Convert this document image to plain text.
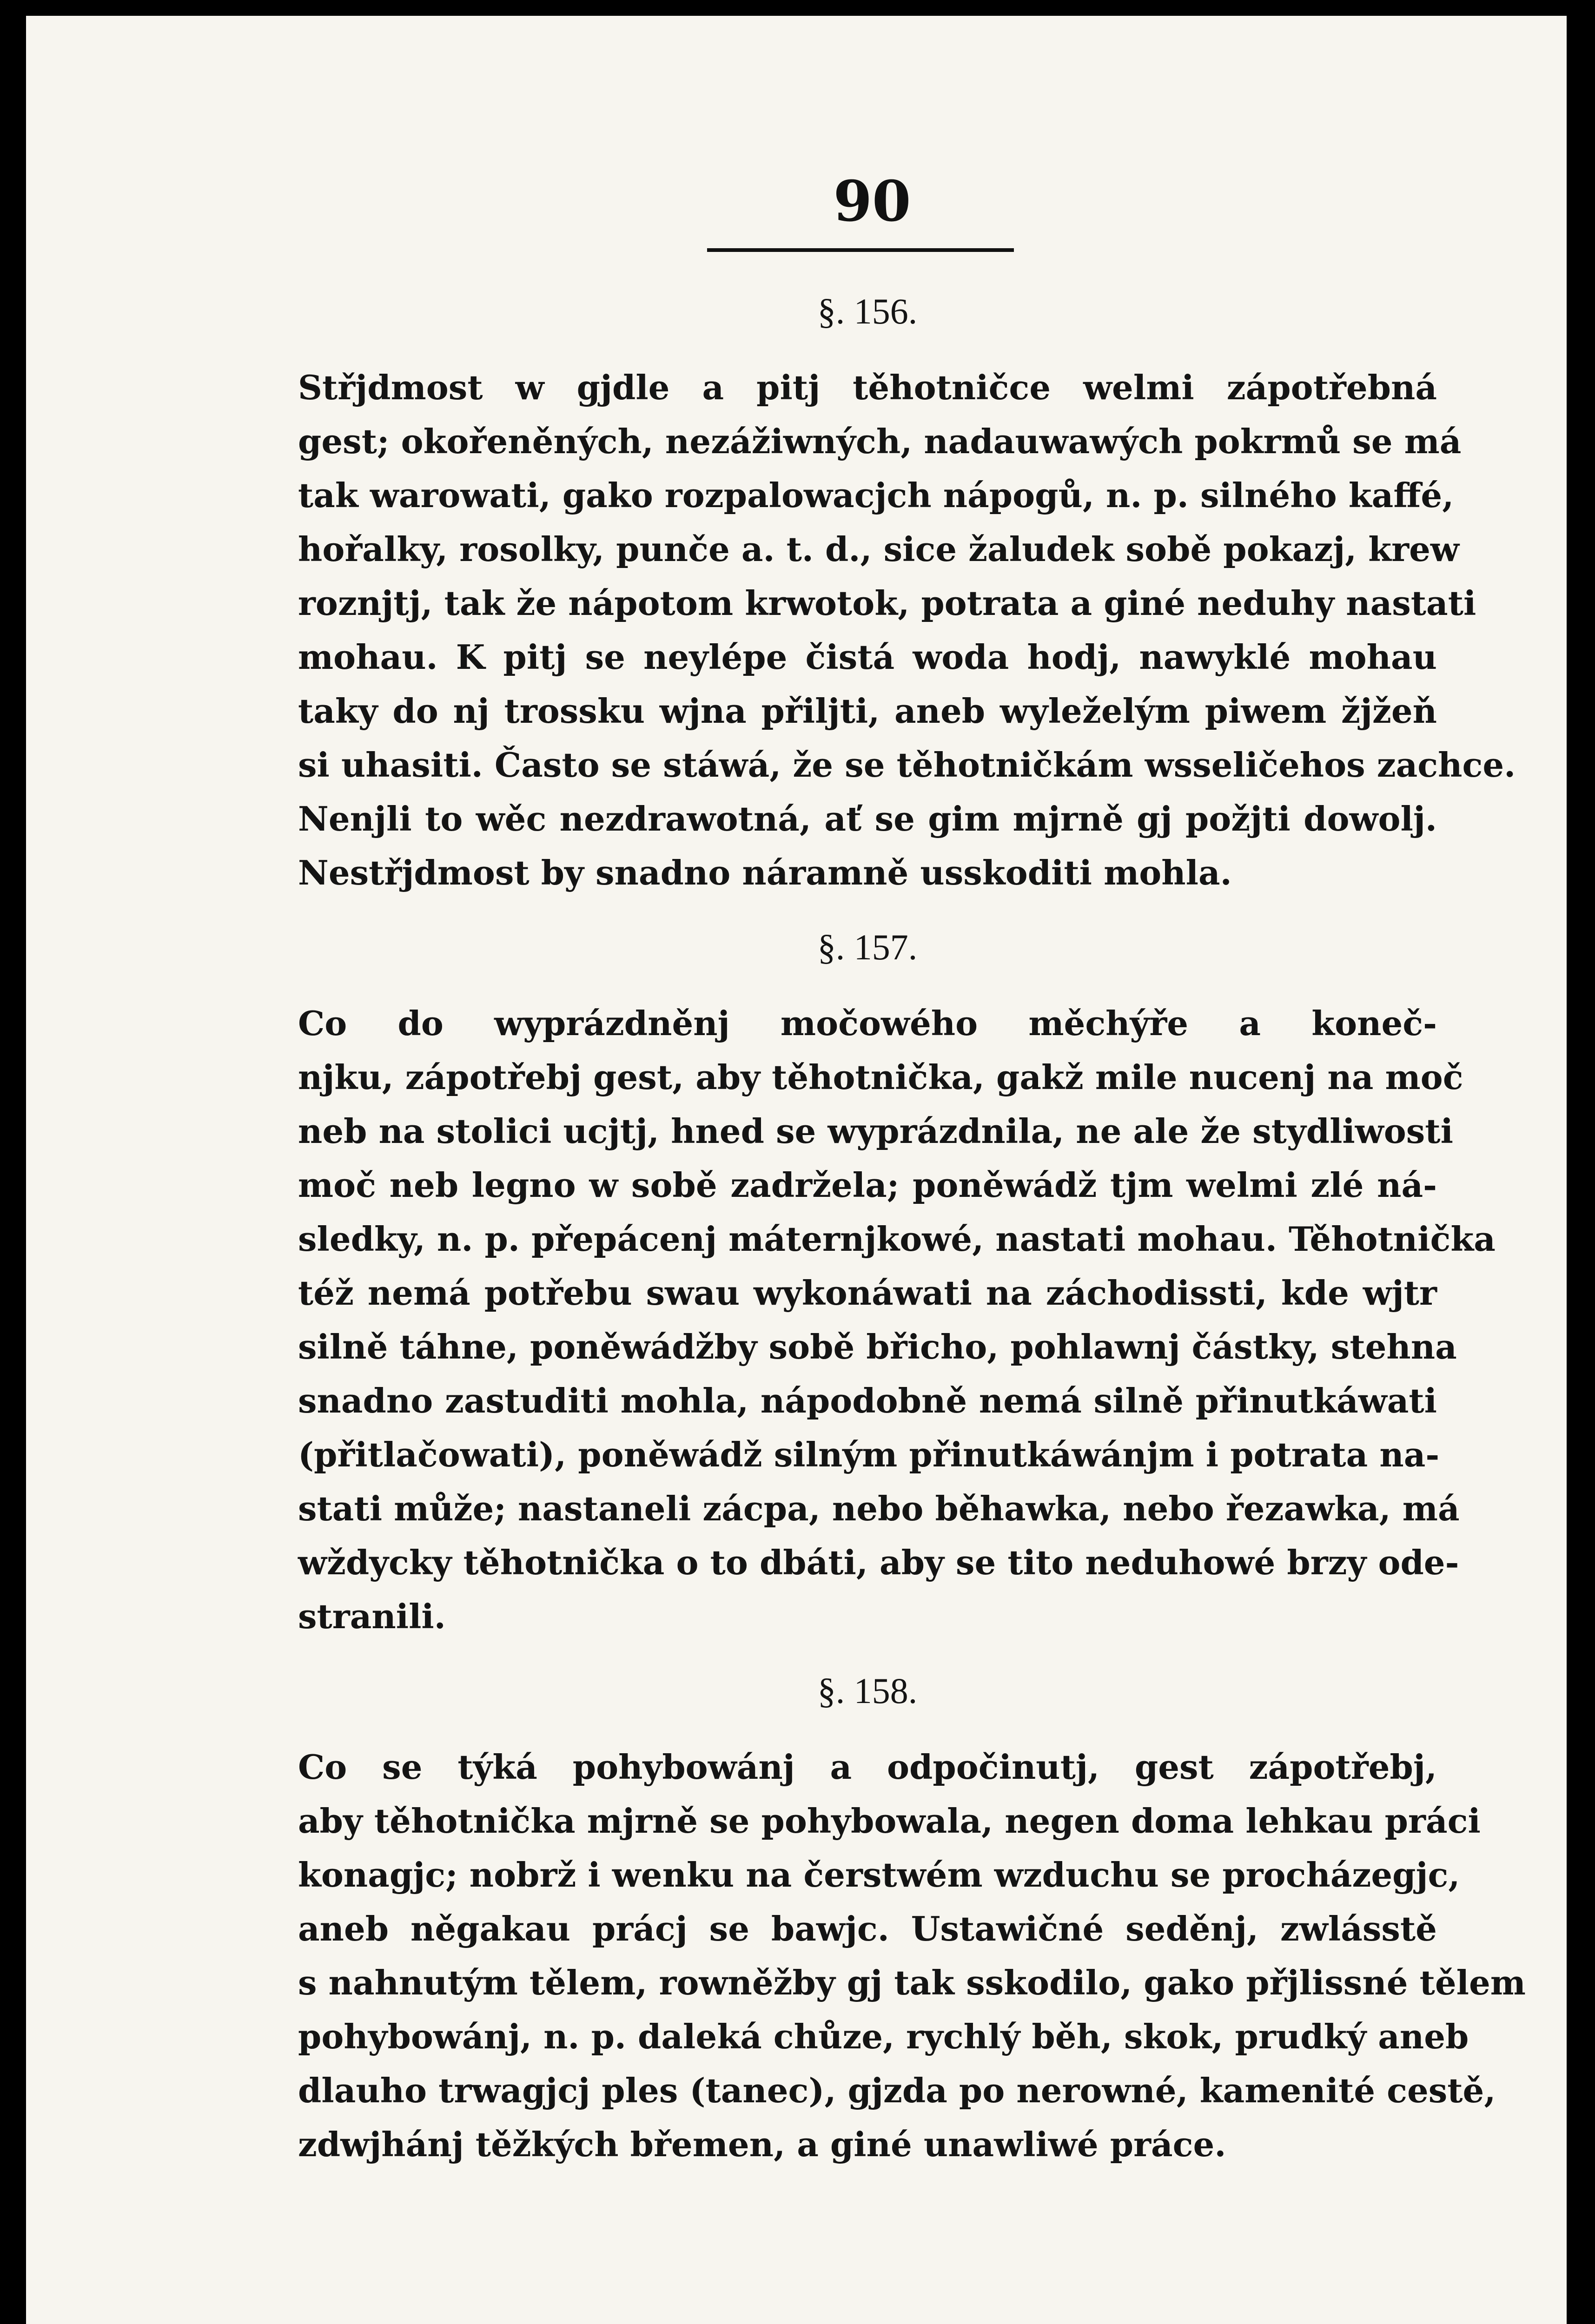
90
§. 156.
Střjdmost w gjdle a pitj těhotničce welmi zápotřebná
gest; okořeněných, nezážiwných, nadauwawých pokrmů se má
tak warowati, gako rozpalowacjch nápogů, n. p. silného kaffé,
hořalky, rosolky, punče a. t. d., sice žaludek sobě pokazj, krew
roznjtj, tak že nápotom krwotok, potrata a giné neduhy nastati
mohau. K pitj se neylépe čistá woda hodj, nawyklé mohau
taky do nj trossku wjna přiljti, aneb wyleželým piwem žjžeň
si uhasiti. Často se stáwá, že se těhotničkám wsseličehos zachce.
Nenjli to wěc nezdrawotná, ať se gim mjrně gj požjti dowolj.
Nestřjdmost by snadno náramně usskoditi mohla.
§. 157.
Co do wyprázdněnj močowého měchýře a koneč-
njku, zápotřebj gest, aby těhotnička, gakž mile nucenj na moč
neb na stolici ucjtj, hned se wyprázdnila, ne ale že stydliwosti
moč neb legno w sobě zadržela; poněwádž tjm welmi zlé ná-
sledky, n. p. přepácenj máternjkowé, nastati mohau. Těhotnička
též nemá potřebu swau wykonáwati na záchodissti, kde wjtr
silně táhne, poněwádžby sobě břicho, pohlawnj částky, stehna
snadno zastuditi mohla, nápodobně nemá silně přinutkáwati
(přitlačowati), poněwádž silným přinutkáwánjm i potrata na-
stati může; nastaneli zácpa, nebo běhawka, nebo řezawka, má
wždycky těhotnička o to dbáti, aby se tito neduhowé brzy ode-
stranili.
§. 158.
Co se týká pohybowánj a odpočinutj, gest zápotřebj,
aby těhotnička mjrně se pohybowala, negen doma lehkau práci
konagjc; nobrž i wenku na čerstwém wzduchu se procházegjc,
aneb něgakau prácj se bawjc. Ustawičné seděnj, zwlásstě
s nahnutým tělem, rowněžby gj tak sskodilo, gako přjlissné tělem
pohybowánj, n. p. daleká chůze, rychlý běh, skok, prudký aneb
dlauho trwagjcj ples (tanec), gjzda po nerowné, kamenité cestě,
zdwjhánj těžkých břemen, a giné unawliwé práce.
